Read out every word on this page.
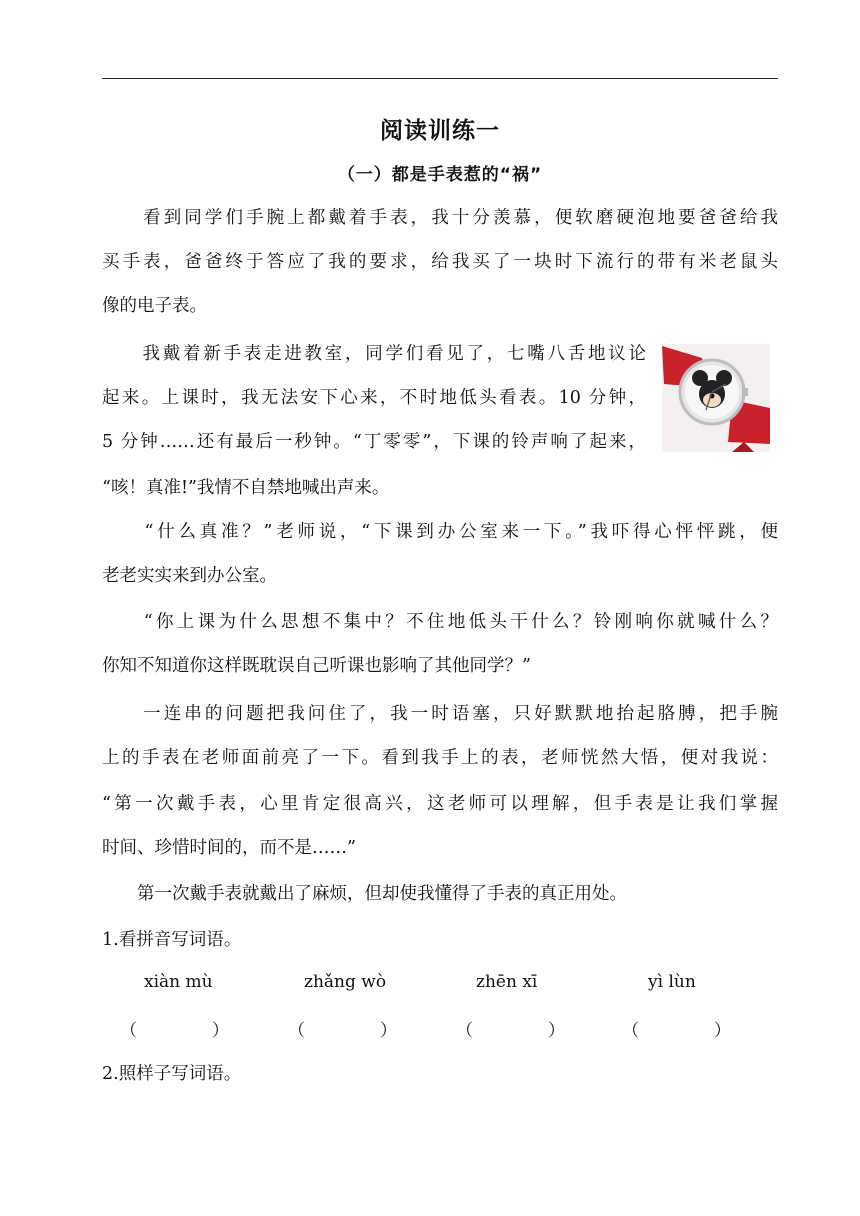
阅读训练一
（一）都是手表惹的“祸”
　　看到同学们手腕上都戴着手表，我十分羡慕，便软磨硬泡地要爸爸给我
买手表，爸爸终于答应了我的要求，给我买了一块时下流行的带有米老鼠头
像的电子表。
　　我戴着新手表走进教室，同学们看见了，七嘴八舌地议论
起来。上课时，我无法安下心来，不时地低头看表。10 分钟，
5 分钟……还有最后一秒钟。“丁零零”，下课的铃声响了起来，
“咳！真准!”我情不自禁地喊出声来。
　　“什么真准？”老师说，“下课到办公室来一下。”我吓得心怦怦跳，便
老老实实来到办公室。
　　“你上课为什么思想不集中？不住地低头干什么？铃刚响你就喊什么？
你知不知道你这样既耽误自己听课也影响了其他同学？”
　　一连串的问题把我问住了，我一时语塞，只好默默地抬起胳膊，把手腕
上的手表在老师面前亮了一下。看到我手上的表，老师恍然大悟，便对我说：
“第一次戴手表，心里肯定很高兴，这老师可以理解，但手表是让我们掌握
时间、珍惜时间的，而不是……”
　　第一次戴手表就戴出了麻烦，但却使我懂得了手表的真正用处。
1.看拼音写词语。
xiàn mù	zhǎng wò	zhēn xī	yì lùn
（	）	（	）	（	）	（	）
2.照样子写词语。
